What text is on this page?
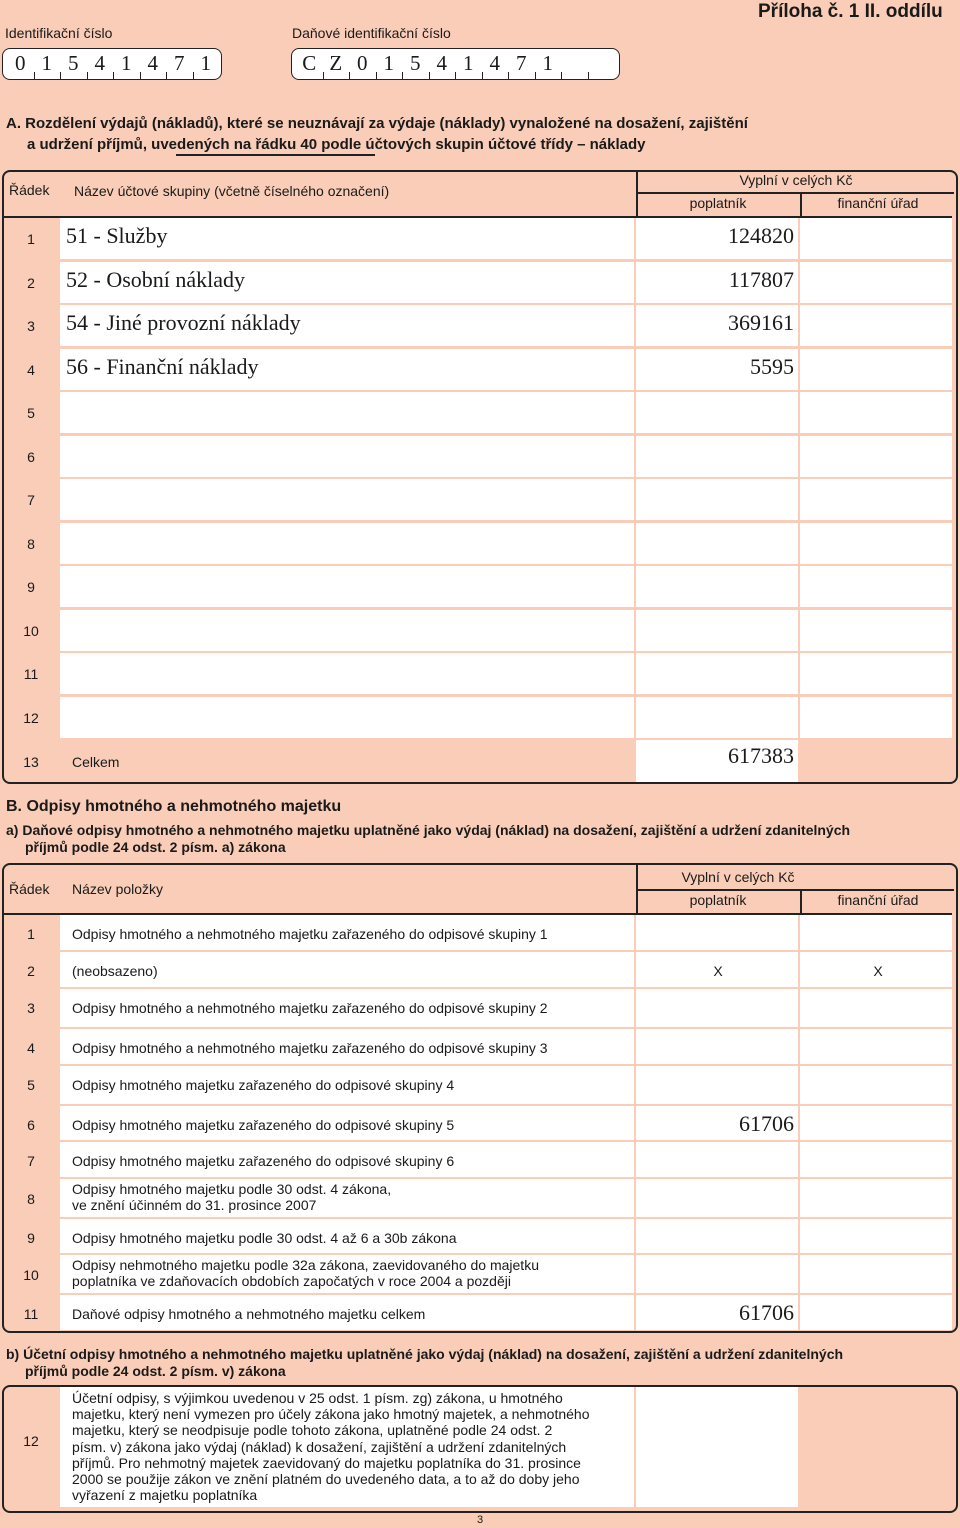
Identifikační číslo	Daňové identifikační číslo
Příloha č. 1 II. oddílu
0 1 5 4 1 4 7 1	C Z 0 1 5 4 1 4 7 1
A. Rozdělení výdajů (nákladů), které se neuznávají za výdaje (náklady) vynaložené na dosažení, zajištění
a udržení příjmů, uvedených na řádku 40 podle účtových skupin účtové třídy – náklady
Řádek Název účtové skupiny (včetně číselného označení)
Vyplní v celých Kč
poplatník	finanční úřad
1	51 - Služby	124820
2	52 - Osobní náklady	117807
3	54 - Jiné provozní náklady	369161
4	56 - Finanční náklady	5595
5
6
7
8
9
10
11
12
13	Celkem	617383
B. Odpisy hmotného a nehmotného majetku
a) Daňové odpisy hmotného a nehmotného majetku uplatněné jako výdaj (náklad) na dosažení, zajištění a udržení zdanitelných
příjmů podle 24 odst. 2 písm. a) zákona
Řádek Název položky
Vyplní v celých Kč
poplatník	finanční úřad
1	Odpisy hmotného a nehmotného majetku zařazeného do odpisové skupiny 1
2	(neobsazeno)	X	X
3	Odpisy hmotného a nehmotného majetku zařazeného do odpisové skupiny 2
4	Odpisy hmotného a nehmotného majetku zařazeného do odpisové skupiny 3
5	Odpisy hmotného majetku zařazeného do odpisové skupiny 4
6	Odpisy hmotného majetku zařazeného do odpisové skupiny 5	61706
7	Odpisy hmotného majetku zařazeného do odpisové skupiny 6
8
Odpisy hmotného majetku podle 30 odst. 4 zákona,
ve znění účinném do 31. prosince 2007
9	Odpisy hmotného majetku podle 30 odst. 4 až 6 a 30b zákona
10
Odpisy nehmotného majetku podle 32a zákona, zaevidovaného do majetku
poplatníka ve zdaňovacích obdobích započatých v roce 2004 a později
11	Daňové odpisy hmotného a nehmotného majetku celkem	61706
b) Účetní odpisy hmotného a nehmotného majetku uplatněné jako výdaj (náklad) na dosažení, zajištění a udržení zdanitelných
příjmů podle 24 odst. 2 písm. v) zákona
12
Účetní odpisy, s výjimkou uvedenou v 25 odst. 1 písm. zg) zákona, u hmotného
majetku, který není vymezen pro účely zákona jako hmotný majetek, a nehmotného
majetku, který se neodpisuje podle tohoto zákona, uplatněné podle 24 odst. 2
písm. v) zákona jako výdaj (náklad) k dosažení, zajištění a udržení zdanitelných
příjmů. Pro nehmotný majetek zaevidovaný do majetku poplatníka do 31. prosince
2000 se použije zákon ve znění platném do uvedeného data, a to až do doby jeho
vyřazení z majetku poplatníka
3
